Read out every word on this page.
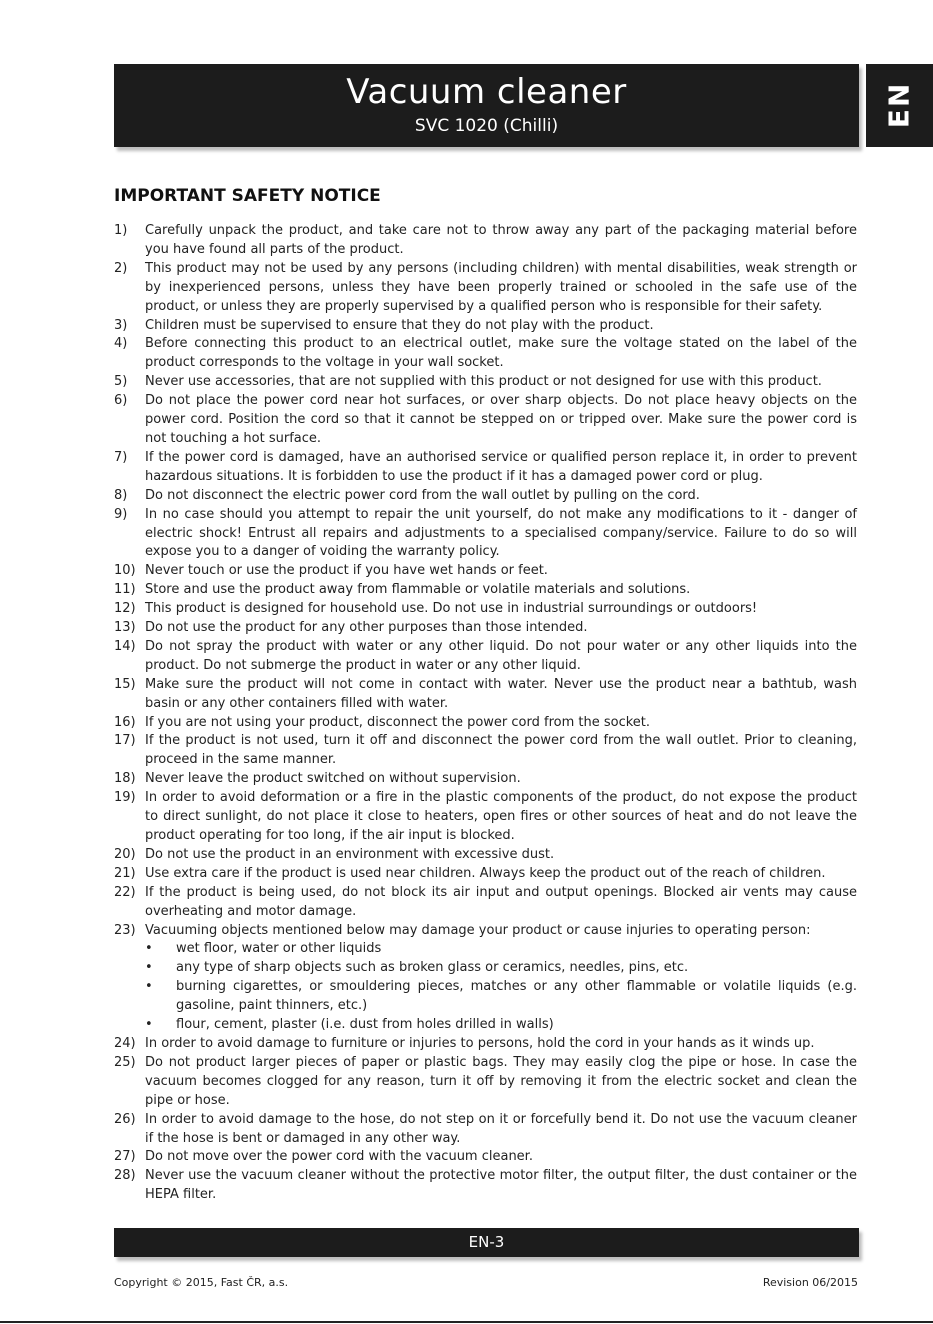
Vacuum cleaner
SVC 1020 (Chilli)	EN
IMPORTANT SAFETY NOTICE
1) Carefully unpack the product, and take care not to throw away any part of the packaging material before you have found all parts of the product.
2) This product may not be used by any persons (including children) with mental disabilities, weak strength or by inexperienced persons, unless they have been properly trained or schooled in the safe use of the product, or unless they are properly supervised by a qualified person who is responsible for their safety.
3) Children must be supervised to ensure that they do not play with the product.
4) Before connecting this product to an electrical outlet, make sure the voltage stated on the label of the product corresponds to the voltage in your wall socket.
5) Never use accessories, that are not supplied with this product or not designed for use with this product.
6) Do not place the power cord near hot surfaces, or over sharp objects. Do not place heavy objects on the power cord. Position the cord so that it cannot be stepped on or tripped over. Make sure the power cord is not touching a hot surface.
7) If the power cord is damaged, have an authorised service or qualified person replace it, in order to prevent hazardous situations. It is forbidden to use the product if it has a damaged power cord or plug.
8) Do not disconnect the electric power cord from the wall outlet by pulling on the cord.
9) In no case should you attempt to repair the unit yourself, do not make any modifications to it - danger of electric shock! Entrust all repairs and adjustments to a specialised company/service. Failure to do so will expose you to a danger of voiding the warranty policy.
10) Never touch or use the product if you have wet hands or feet.
11) Store and use the product away from flammable or volatile materials and solutions.
12) This product is designed for household use. Do not use in industrial surroundings or outdoors!
13) Do not use the product for any other purposes than those intended.
14) Do not spray the product with water or any other liquid. Do not pour water or any other liquids into the product. Do not submerge the product in water or any other liquid.
15) Make sure the product will not come in contact with water. Never use the product near a bathtub, wash basin or any other containers filled with water.
16) If you are not using your product, disconnect the power cord from the socket.
17) If the product is not used, turn it off and disconnect the power cord from the wall outlet. Prior to cleaning, proceed in the same manner.
18) Never leave the product switched on without supervision.
19) In order to avoid deformation or a fire in the plastic components of the product, do not expose the product to direct sunlight, do not place it close to heaters, open fires or other sources of heat and do not leave the product operating for too long, if the air input is blocked.
20) Do not use the product in an environment with excessive dust.
21) Use extra care if the product is used near children. Always keep the product out of the reach of children.
22) If the product is being used, do not block its air input and output openings. Blocked air vents may cause overheating and motor damage.
23) Vacuuming objects mentioned below may damage your product or cause injuries to operating person:
• wet floor, water or other liquids
• any type of sharp objects such as broken glass or ceramics, needles, pins, etc.
• burning cigarettes, or smouldering pieces, matches or any other flammable or volatile liquids (e.g. gasoline, paint thinners, etc.)
• flour, cement, plaster (i.e. dust from holes drilled in walls)
24) In order to avoid damage to furniture or injuries to persons, hold the cord in your hands as it winds up.
25) Do not product larger pieces of paper or plastic bags. They may easily clog the pipe or hose. In case the vacuum becomes clogged for any reason, turn it off by removing it from the electric socket and clean the pipe or hose.
26) In order to avoid damage to the hose, do not step on it or forcefully bend it. Do not use the vacuum cleaner if the hose is bent or damaged in any other way.
27) Do not move over the power cord with the vacuum cleaner.
28) Never use the vacuum cleaner without the protective motor filter, the output filter, the dust container or the HEPA filter.
EN-3
Copyright © 2015, Fast ČR, a.s.	Revision 06/2015
